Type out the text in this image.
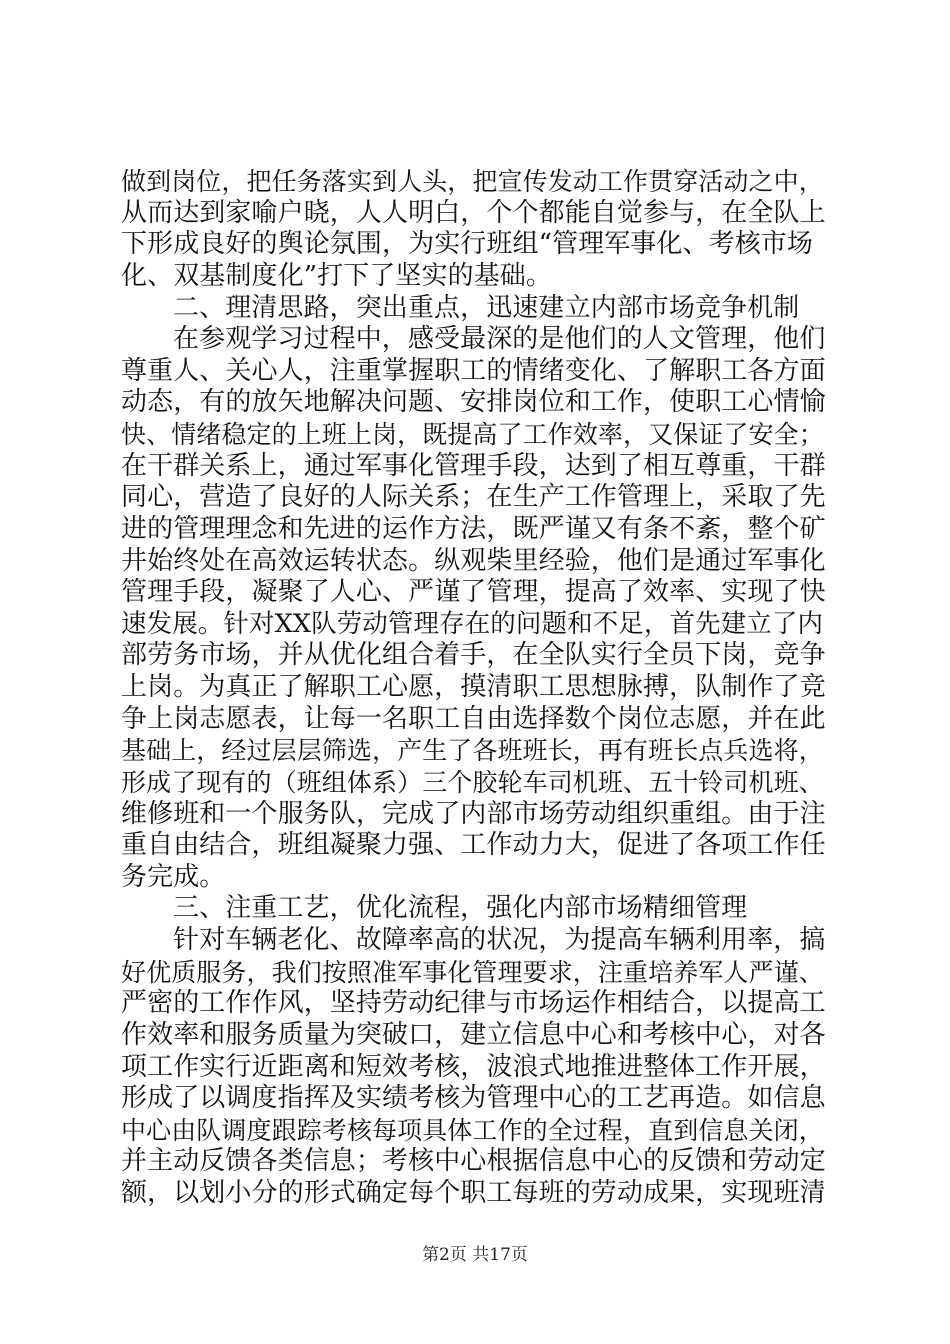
做到岗位，把任务落实到人头，把宣传发动工作贯穿活动之中，
从而达到家喻户晓，人人明白，个个都能自觉参与，在全队上
下形成良好的舆论氛围，为实行班组“管理军事化、考核市场
化、双基制度化”打下了坚实的基础。
二、理清思路，突出重点，迅速建立内部市场竞争机制
在参观学习过程中，感受最深的是他们的人文管理，他们
尊重人、关心人，注重掌握职工的情绪变化、了解职工各方面
动态，有的放矢地解决问题、安排岗位和工作，使职工心情愉
快、情绪稳定的上班上岗，既提高了工作效率，又保证了安全；
在干群关系上，通过军事化管理手段，达到了相互尊重，干群
同心，营造了良好的人际关系；在生产工作管理上，采取了先
进的管理理念和先进的运作方法，既严谨又有条不紊，整个矿
井始终处在高效运转状态。纵观柴里经验，他们是通过军事化
管理手段，凝聚了人心、严谨了管理，提高了效率、实现了快
速发展。针对XX队劳动管理存在的问题和不足，首先建立了内
部劳务市场，并从优化组合着手，在全队实行全员下岗，竞争
上岗。为真正了解职工心愿，摸清职工思想脉搏，队制作了竞
争上岗志愿表，让每一名职工自由选择数个岗位志愿，并在此
基础上，经过层层筛选，产生了各班班长，再有班长点兵选将，
形成了现有的（班组体系）三个胶轮车司机班、五十铃司机班、
维修班和一个服务队，完成了内部市场劳动组织重组。由于注
重自由结合，班组凝聚力强、工作动力大，促进了各项工作任
务完成。
三、注重工艺，优化流程，强化内部市场精细管理
针对车辆老化、故障率高的状况，为提高车辆利用率，搞
好优质服务，我们按照准军事化管理要求，注重培养军人严谨、
严密的工作作风，坚持劳动纪律与市场运作相结合，以提高工
作效率和服务质量为突破口，建立信息中心和考核中心，对各
项工作实行近距离和短效考核，波浪式地推进整体工作开展，
形成了以调度指挥及实绩考核为管理中心的工艺再造。如信息
中心由队调度跟踪考核每项具体工作的全过程，直到信息关闭，
并主动反馈各类信息；考核中心根据信息中心的反馈和劳动定
额，以划小分的形式确定每个职工每班的劳动成果，实现班清
第2页 共17页
